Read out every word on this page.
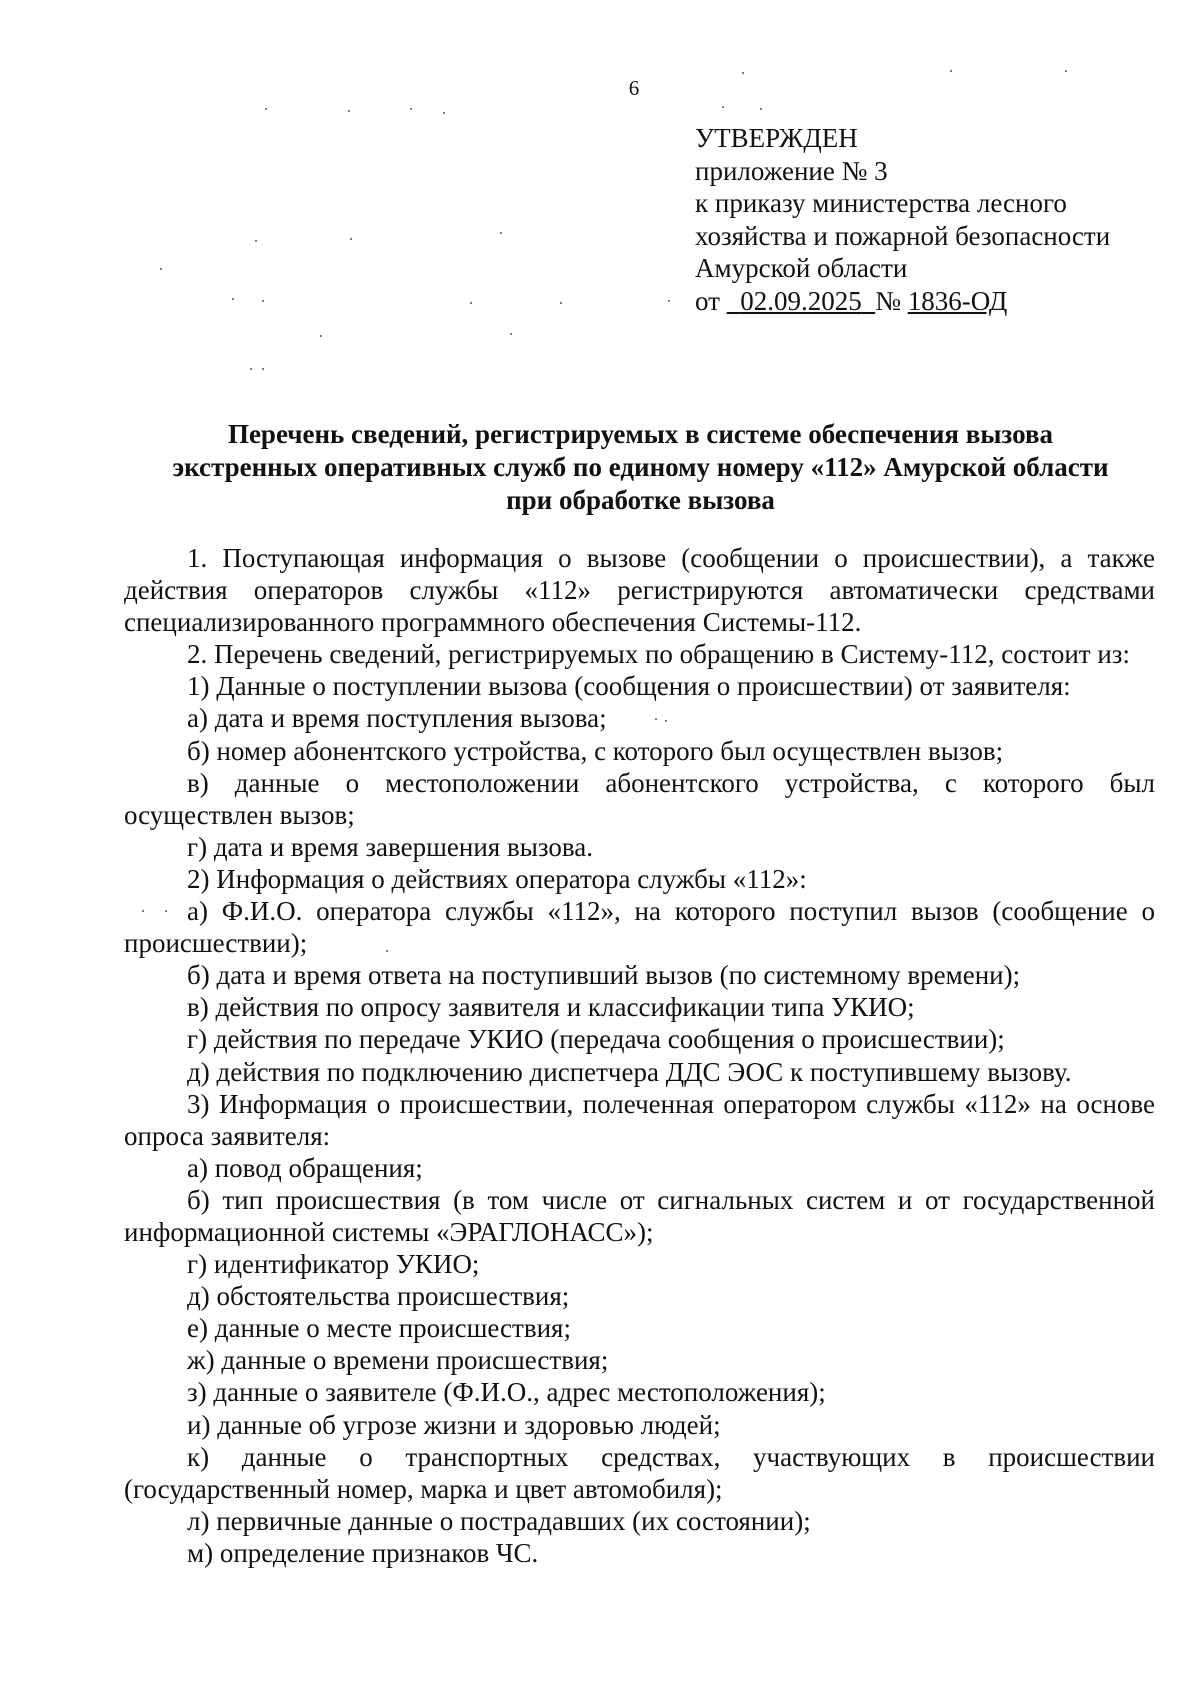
6
УТВЕРЖДЕН
приложение № 3
к приказу министерства лесного
хозяйства и пожарной безопасности
Амурской области
от 02.09.2025 № 1836-ОД
Перечень сведений, регистрируемых в системе обеспечения вызова
экстренных оперативных служб по единому номеру «112» Амурской области
при обработке вызова

1. Поступающая информация о вызове (сообщении о происшествии), а также действия операторов службы «112» регистрируются автоматически средствами специализированного программного обеспечения Системы-112.

2. Перечень сведений, регистрируемых по обращению в Систему-112, состоит из:

1) Данные о поступлении вызова (сообщения о происшествии) от заявителя:

а) дата и время поступления вызова;

б) номер абонентского устройства, с которого был осуществлен вызов;

в) данные о местоположении абонентского устройства, с которого был осуществлен вызов;

г) дата и время завершения вызова.

2) Информация о действиях оператора службы «112»:

а) Ф.И.О. оператора службы «112», на которого поступил вызов (сообщение о происшествии);

б) дата и время ответа на поступивший вызов (по системному времени);

в) действия по опросу заявителя и классификации типа УКИО;

г) действия по передаче УКИО (передача сообщения о происшествии);

д) действия по подключению диспетчера ДДС ЭОС к поступившему вызову.

3) Информация о происшествии, полеченная оператором службы «112» на основе опроса заявителя:

а) повод обращения;

б) тип происшествия (в том числе от сигнальных систем и от государственной информационной системы «ЭРАГЛОНАСС»);

г) идентификатор УКИО;

д) обстоятельства происшествия;

е) данные о месте происшествия;

ж) данные о времени происшествия;

з) данные о заявителе (Ф.И.О., адрес местоположения);

и) данные об угрозе жизни и здоровью людей;

к) данные о транспортных средствах, участвующих в происшествии (государственный номер, марка и цвет автомобиля);

л) первичные данные о пострадавших (их состоянии);

м) определение признаков ЧС.
